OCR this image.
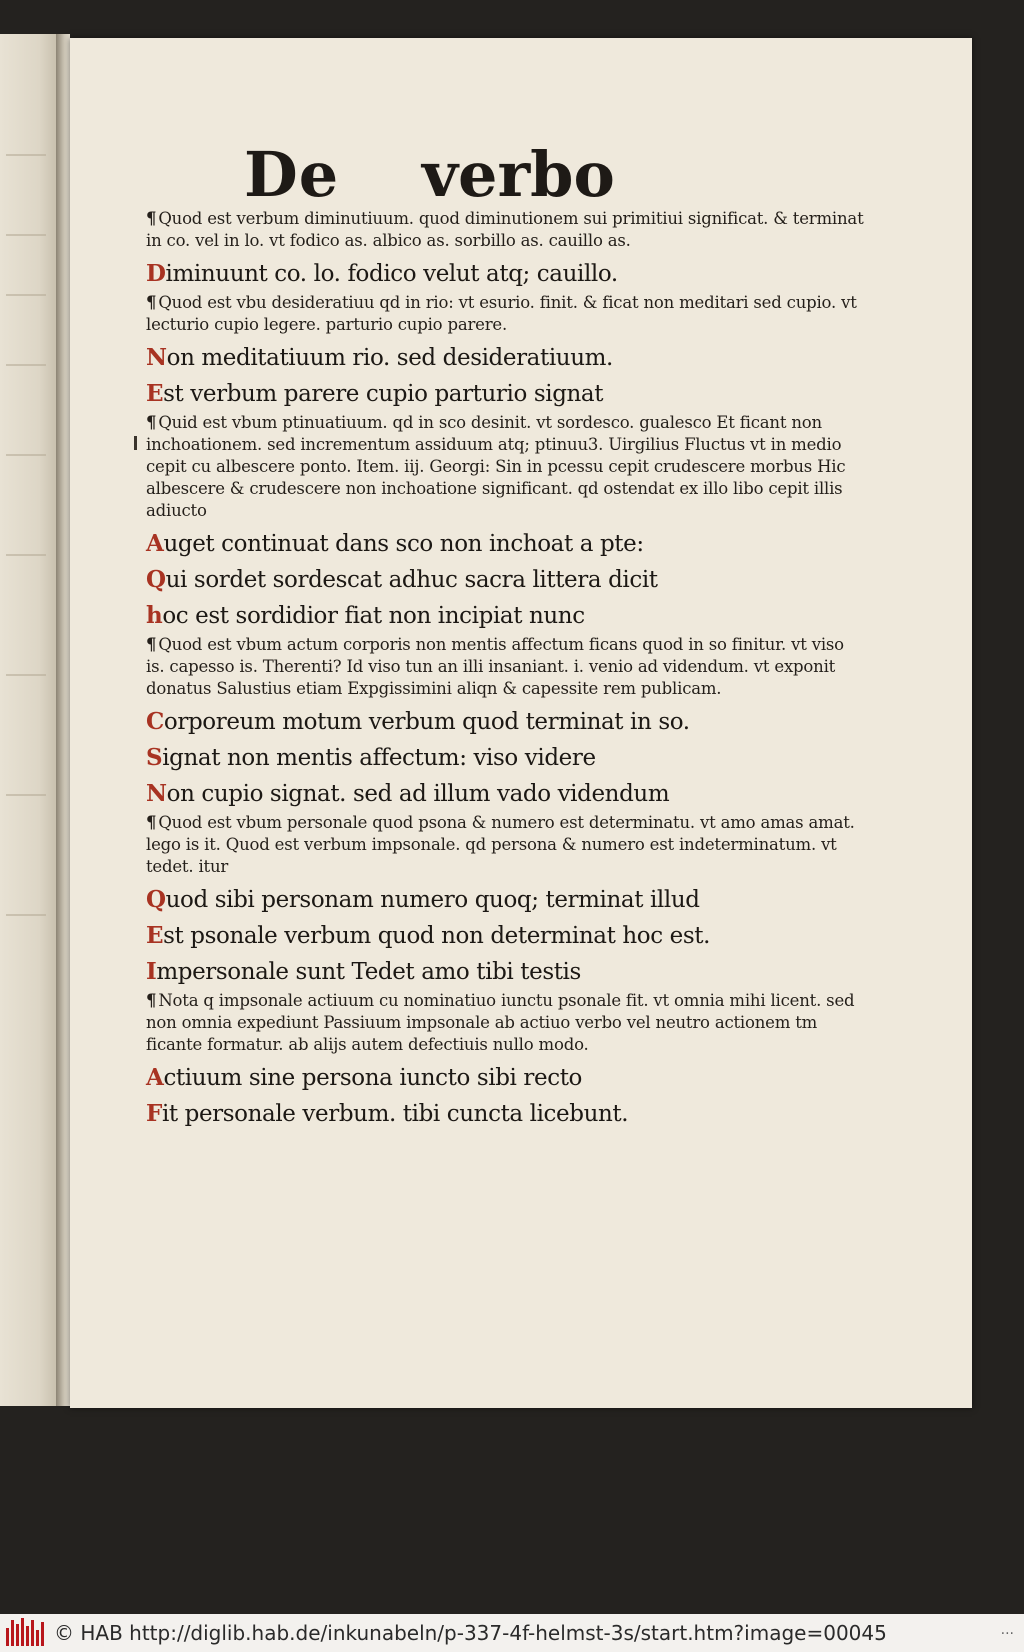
De verbo

¶ Quod est verbum diminutiuum. quod diminutionem sui primitiui significat. & terminat in co. vel in lo. vt fodico as. albico as. sorbillo as. cauillo as.

Diminuunt co. lo. fodico velut atq; cauillo.

¶ Quod est vbu desideratiuu qd in rio: vt esurio. finit. & ficat non meditari sed cupio. vt lecturio cupio legere. parturio cupio parere.

Non meditatiuum rio. sed desideratiuum.

Est verbum parere cupio parturio signat

¶ Quid est vbum ptinuatiuum. qd in sco desinit. vt sordesco. gualesco Et ficant non inchoationem. sed incrementum assiduum atq; ptinuu3. Uirgilius Fluctus vt in medio cepit cu albescere ponto. Item. iij. Georgi: Sin in pcessu cepit crudescere morbus Hic albescere & crudescere non inchoatione significant. qd ostendat ex illo libo cepit illis adiucto

Auget continuat dans sco non inchoat a pte:

Qui sordet sordescat adhuc sacra littera dicit

hoc est sordidior fiat non incipiat nunc

¶ Quod est vbum actum corporis non mentis affectum ficans quod in so finitur. vt viso is. capesso is. Therenti? Id viso tun an illi insaniant. i. venio ad videndum. vt exponit donatus Salustius etiam Expgissimini aliqn & capessite rem publicam.

Corporeum motum verbum quod terminat in so.

Signat non mentis affectum: viso videre

Non cupio signat. sed ad illum vado videndum

¶ Quod est vbum personale quod psona & numero est determinatu. vt amo amas amat. lego is it. Quod est verbum impsonale. qd persona & numero est indeterminatum. vt tedet. itur

Quod sibi personam numero quoq; terminat illud

Est psonale verbum quod non determinat hoc est.

Impersonale sunt Tedet amo tibi testis

¶ Nota q impsonale actiuum cu nominatiuo iunctu psonale fit. vt omnia mihi licent. sed non omnia expediunt Passiuum impsonale ab actiuo verbo vel neutro actionem tm ficante formatur. ab alijs autem defectiuis nullo modo.

Actiuum sine persona iuncto sibi recto

Fit personale verbum. tibi cuncta licebunt.

© HAB http://diglib.hab.de/inkunabeln/p-337-4f-helmst-3s/start.htm?image=00045	...
